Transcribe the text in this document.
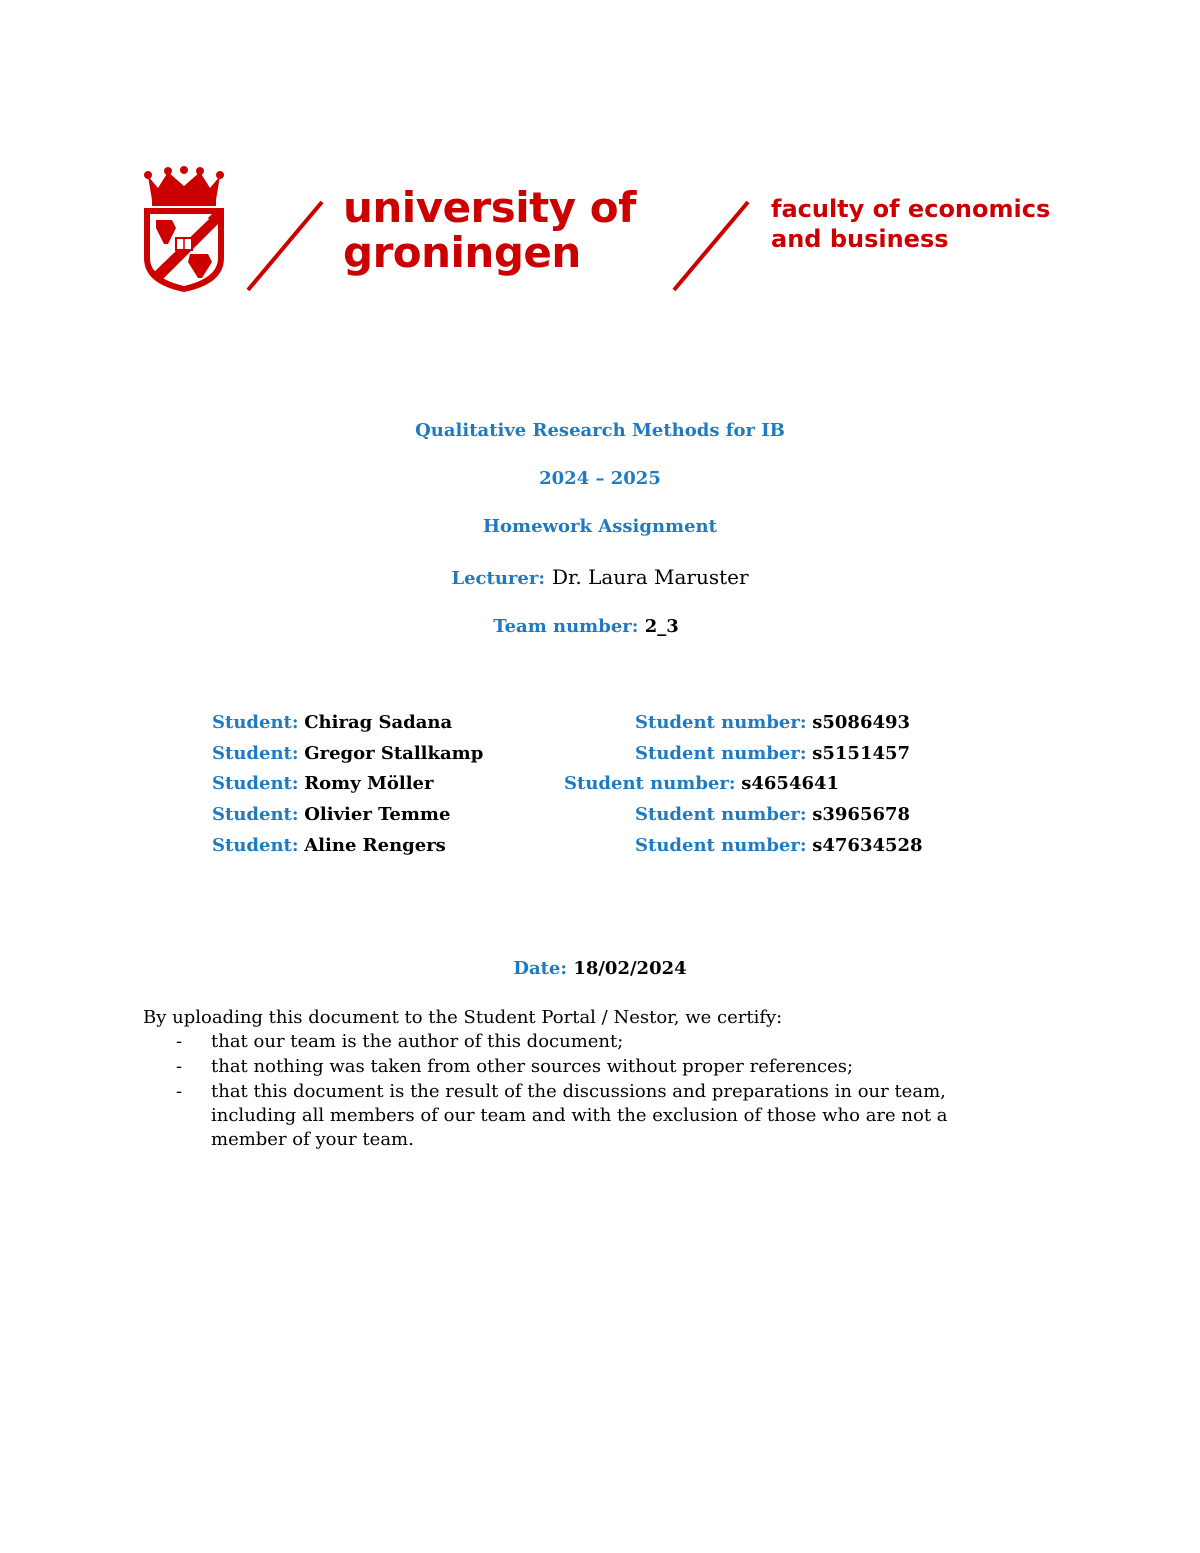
university of
groningen
faculty of economics
and business
Qualitative Research Methods for IB
2024 – 2025
Homework Assignment
Lecturer: Dr. Laura Maruster
Team number: 2_3
Student: Chirag Sadana	Student number: s5086493
Student: Gregor Stallkamp	Student number: s5151457
Student: Romy Möller	Student number: s4654641
Student: Olivier Temme	Student number: s3965678
Student: Aline Rengers	Student number: s47634528
Date: 18/02/2024
By uploading this document to the Student Portal / Nestor, we certify:
- that our team is the author of this document;
- that nothing was taken from other sources without proper references;
- that this document is the result of the discussions and preparations in our team, including all members of our team and with the exclusion of those who are not a member of your team.
